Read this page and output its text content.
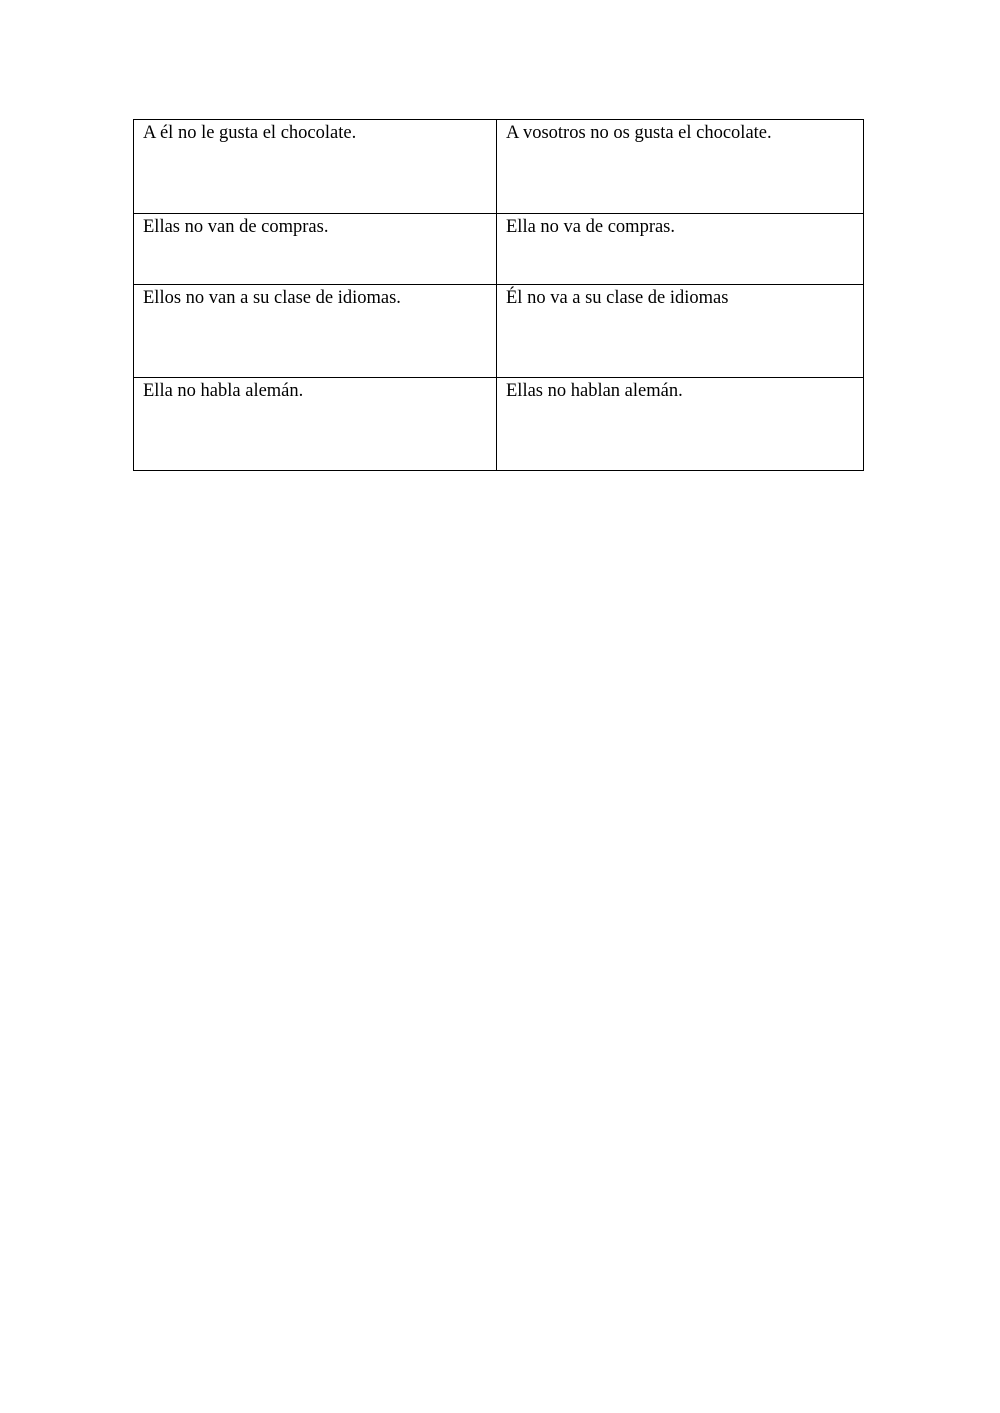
A él no le gusta el chocolate.	A vosotros no os gusta el chocolate.
Ellas no van de compras.	Ella no va de compras.
Ellos no van a su clase de idiomas.	Él no va a su clase de idiomas
Ella no habla alemán.	Ellas no hablan alemán.
